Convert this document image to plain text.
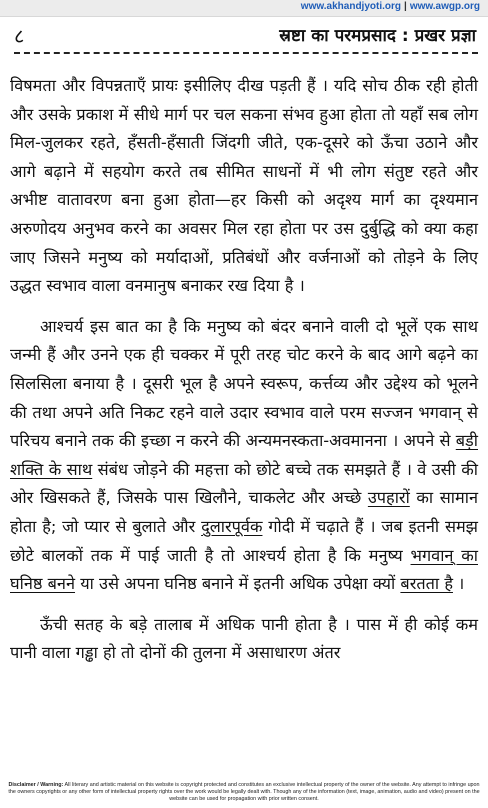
www.akhandjyoti.org | www.awgp.org
८	स्रष्टा का परमप्रसाद : प्रखर प्रज्ञा

विषमता और विपन्नताएँ प्रायः इसीलिए दीख पड़ती हैं । यदि सोच ठीक रही होती और उसके प्रकाश में सीधे मार्ग पर चल सकना संभव हुआ होता तो यहाँ सब लोग मिल-जुलकर रहते, हँसती-हँसाती जिंदगी जीते, एक-दूसरे को ऊँचा उठाने और आगे बढ़ाने में सहयोग करते तब सीमित साधनों में भी लोग संतुष्ट रहते और अभीष्ट वातावरण बना हुआ होता—हर किसी को अदृश्य मार्ग का दृश्यमान अरुणोदय अनुभव करने का अवसर मिल रहा होता पर उस दुर्बुद्धि को क्या कहा जाए जिसने मनुष्य को मर्यादाओं, प्रतिबंधों और वर्जनाओं को तोड़ने के लिए उद्धत स्वभाव वाला वनमानुष बनाकर रख दिया है ।

आश्चर्य इस बात का है कि मनुष्य को बंदर बनाने वाली दो भूलें एक साथ जन्मी हैं और उनने एक ही चक्कर में पूरी तरह चोट करने के बाद आगे बढ़ने का सिलसिला बनाया है । दूसरी भूल है अपने स्वरूप, कर्त्तव्य और उद्देश्य को भूलने की तथा अपने अति निकट रहने वाले उदार स्वभाव वाले परम सज्जन भगवान् से परिचय बनाने तक की इच्छा न करने की अन्यमनस्कता-अवमानना । अपने से बड़ी शक्ति के साथ संबंध जोड़ने की महत्ता को छोटे बच्चे तक समझते हैं । वे उसी की ओर खिसकते हैं, जिसके पास खिलौने, चाकलेट और अच्छे उपहारों का सामान होता है; जो प्यार से बुलाते और दुलारपूर्वक गोदी में चढ़ाते हैं । जब इतनी समझ छोटे बालकों तक में पाई जाती है तो आश्चर्य होता है कि मनुष्य भगवान् का घनिष्ठ बनने या उसे अपना घनिष्ठ बनाने में इतनी अधिक उपेक्षा क्यों बरतता है ।

ऊँची सतह के बड़े तालाब में अधिक पानी होता है । पास में ही कोई कम पानी वाला गड्ढा हो तो दोनों की तुलना में असाधारण अंतर

Disclaimer / Warning: All literary and artistic material on this website is copyright protected and constitutes an exclusive intellectual property of the owner of the website. Any attempt to infringe upon the owners copyrights or any other form of intellectual property rights over the work would be legally dealt with. Though any of the information (text, image, animation, audio and video) present on the website can be used for propagation with prior written consent.
